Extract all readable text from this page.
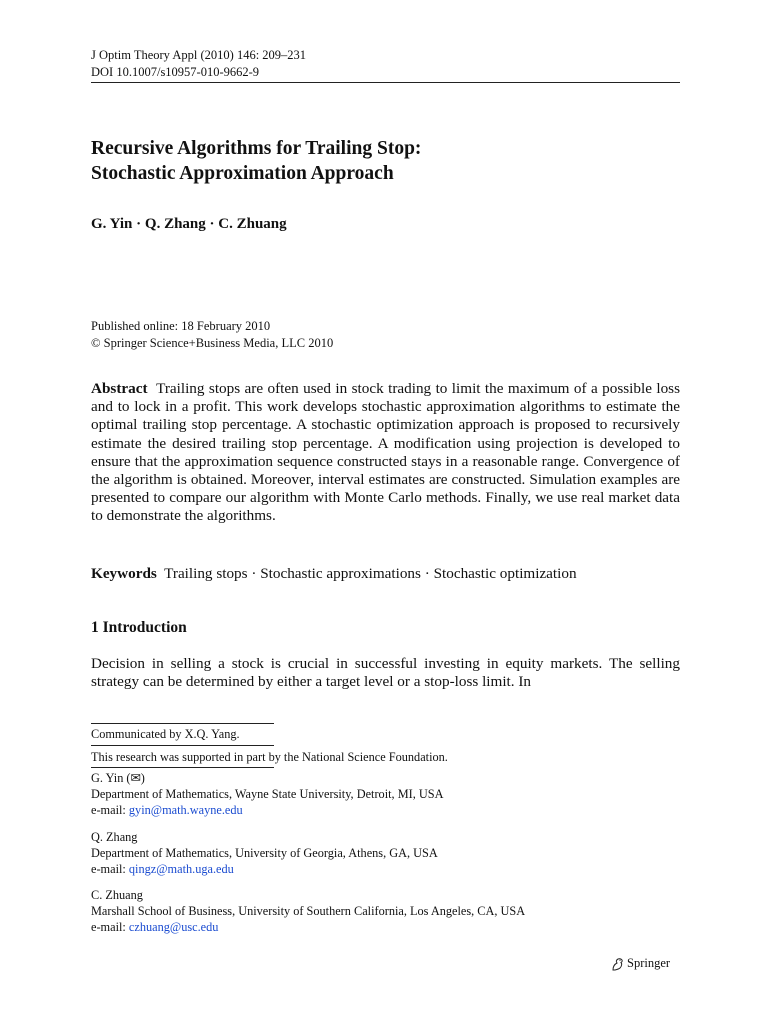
J Optim Theory Appl (2010) 146: 209–231
DOI 10.1007/s10957-010-9662-9
Recursive Algorithms for Trailing Stop:
Stochastic Approximation Approach
G. Yin · Q. Zhang · C. Zhuang
Published online: 18 February 2010
© Springer Science+Business Media, LLC 2010
Abstract Trailing stops are often used in stock trading to limit the maximum of a possible loss and to lock in a profit. This work develops stochastic approximation algorithms to estimate the optimal trailing stop percentage. A stochastic optimization approach is proposed to recursively estimate the desired trailing stop percentage. A modification using projection is developed to ensure that the approximation sequence constructed stays in a reasonable range. Convergence of the algorithm is obtained. Moreover, interval estimates are constructed. Simulation examples are presented to compare our algorithm with Monte Carlo methods. Finally, we use real market data to demonstrate the algorithms.
Keywords Trailing stops · Stochastic approximations · Stochastic optimization
1 Introduction
Decision in selling a stock is crucial in successful investing in equity markets. The selling strategy can be determined by either a target level or a stop-loss limit. In
Communicated by X.Q. Yang.
This research was supported in part by the National Science Foundation.
G. Yin (✉)
Department of Mathematics, Wayne State University, Detroit, MI, USA
e-mail: gyin@math.wayne.edu
Q. Zhang
Department of Mathematics, University of Georgia, Athens, GA, USA
e-mail: qingz@math.uga.edu
C. Zhuang
Marshall School of Business, University of Southern California, Los Angeles, CA, USA
e-mail: czhuang@usc.edu
Springer
